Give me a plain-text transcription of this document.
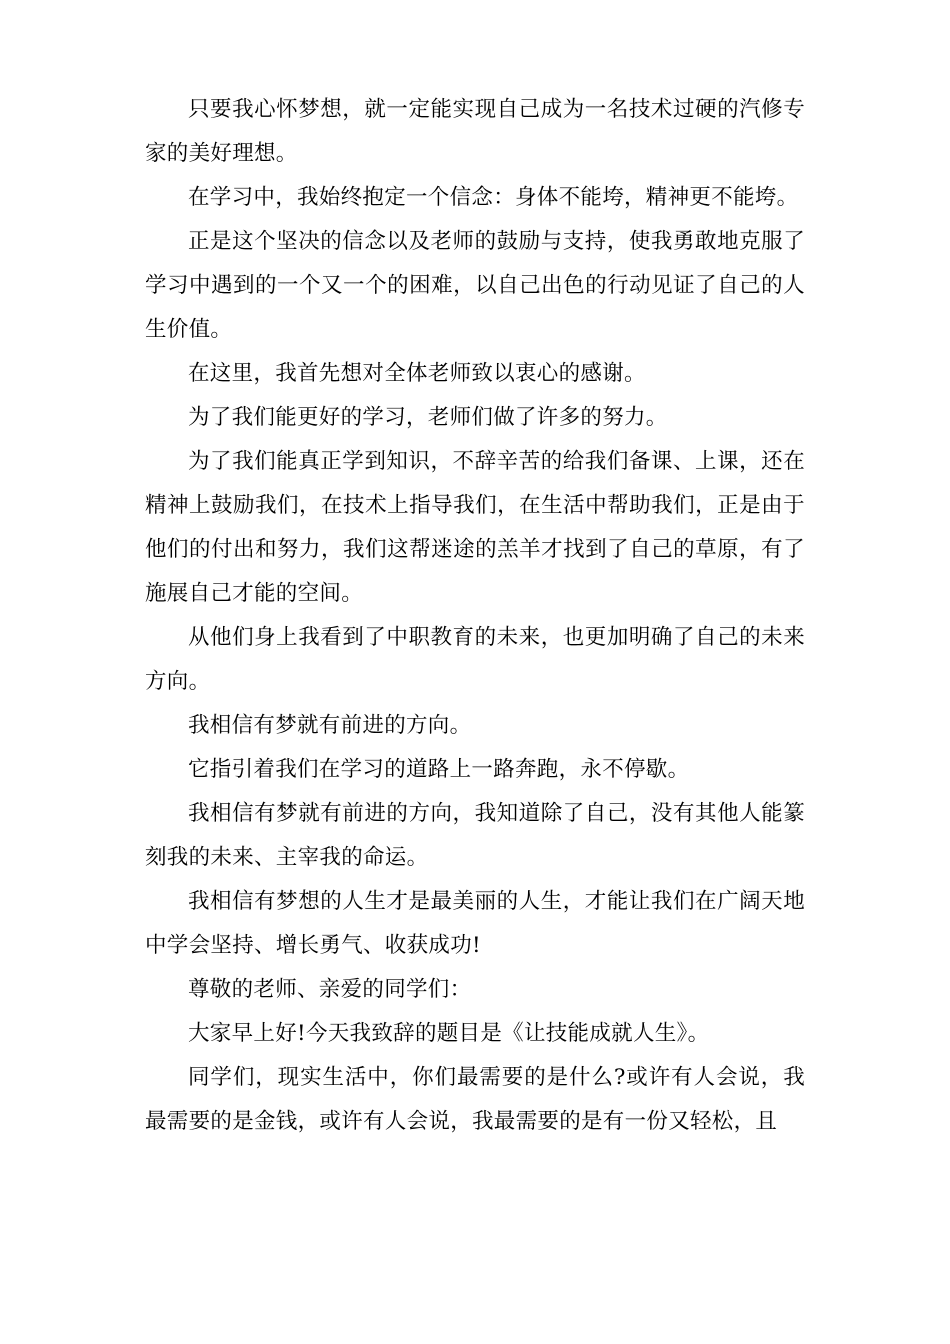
只要我心怀梦想，就一定能实现自己成为一名技术过硬的汽修专家的美好理想。

在学习中，我始终抱定一个信念：身体不能垮，精神更不能垮。

正是这个坚决的信念以及老师的鼓励与支持，使我勇敢地克服了学习中遇到的一个又一个的困难，以自己出色的行动见证了自己的人生价值。

在这里，我首先想对全体老师致以衷心的感谢。

为了我们能更好的学习，老师们做了许多的努力。

为了我们能真正学到知识，不辞辛苦的给我们备课、上课，还在精神上鼓励我们，在技术上指导我们，在生活中帮助我们，正是由于他们的付出和努力，我们这帮迷途的羔羊才找到了自己的草原，有了施展自己才能的空间。

从他们身上我看到了中职教育的未来，也更加明确了自己的未来方向。

我相信有梦就有前进的方向。

它指引着我们在学习的道路上一路奔跑，永不停歇。

我相信有梦就有前进的方向，我知道除了自己，没有其他人能篆刻我的未来、主宰我的命运。

我相信有梦想的人生才是最美丽的人生，才能让我们在广阔天地中学会坚持、增长勇气、收获成功!

尊敬的老师、亲爱的同学们：

大家早上好!今天我致辞的题目是《让技能成就人生》。

同学们，现实生活中，你们最需要的是什么?或许有人会说，我最需要的是金钱，或许有人会说，我最需要的是有一份又轻松，且
